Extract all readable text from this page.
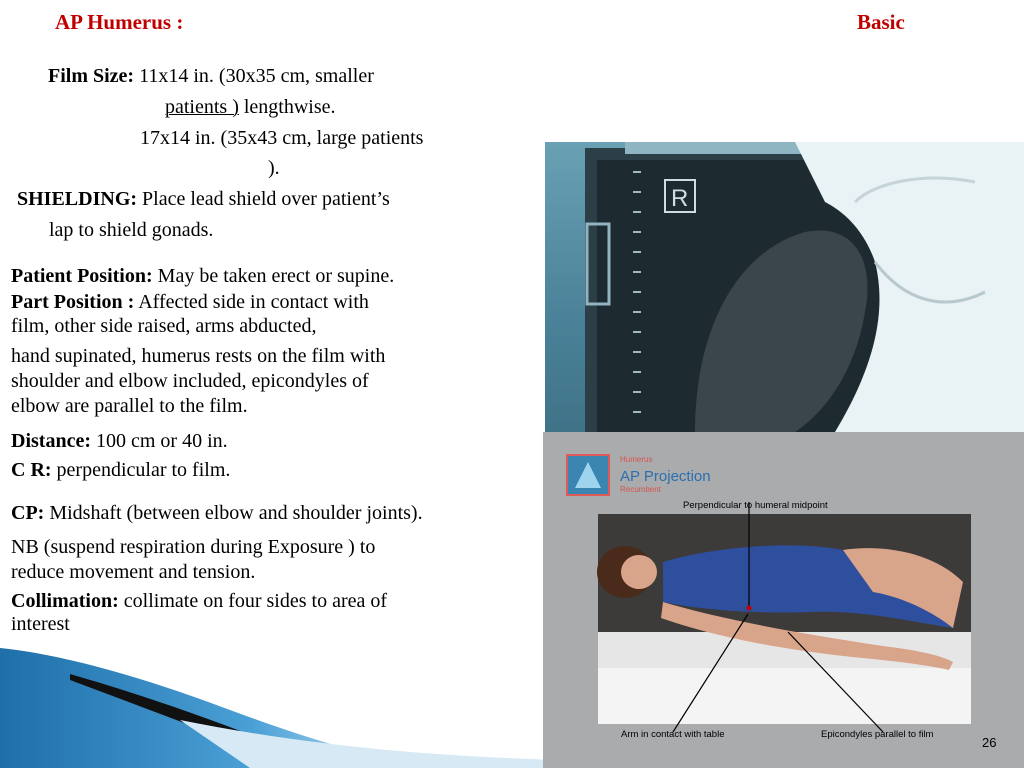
AP Humerus :	Basic
Film Size: 11x14 in. (30x35 cm, smaller
patients ) lengthwise.
17x14 in. (35x43 cm, large patients
).
SHIELDING: Place lead shield over patient’s
lap to shield gonads.
Patient Position: May be taken erect or supine.
Part Position : Affected side in contact with
film, other side raised, arms abducted,
hand supinated, humerus rests on the film with
shoulder and elbow included, epicondyles of
elbow are parallel to the film.
Distance: 100 cm or 40 in.
C R: perpendicular to film.
CP: Midshaft (between elbow and shoulder joints).
NB (suspend respiration during Exposure ) to
reduce movement and tension.
Collimation: collimate on four sides to area of
interest
R
Humerus
AP Projection
Recumbent
Perpendicular to humeral midpoint
Arm in contact with table	Epicondyles parallel to film
26
